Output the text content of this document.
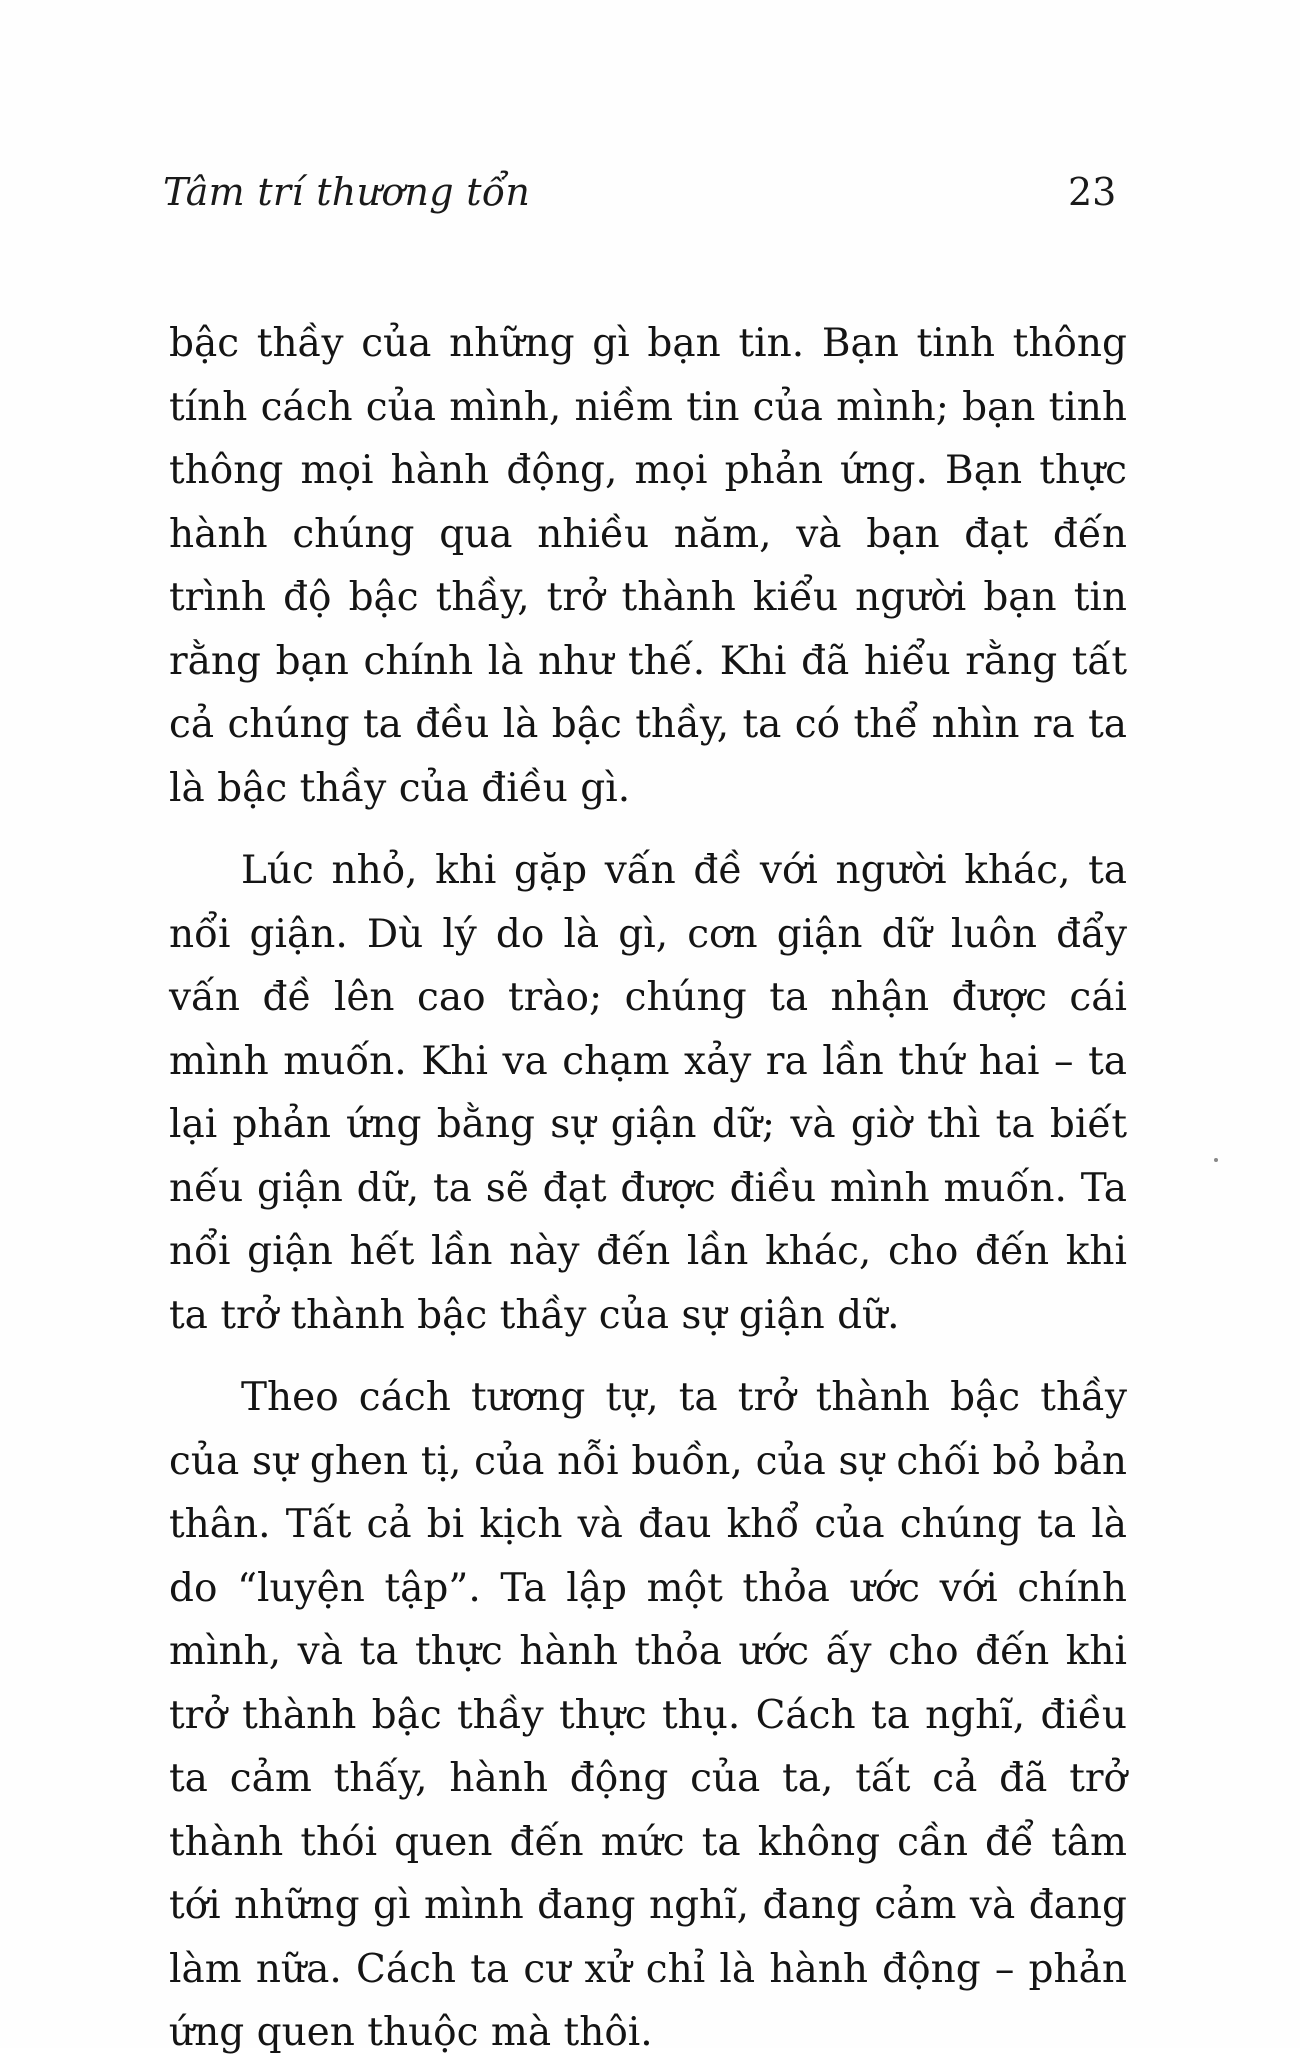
Tâm trí thương tổn	23

bậc thầy của những gì bạn tin. Bạn tinh thông tính cách của mình, niềm tin của mình; bạn tinh thông mọi hành động, mọi phản ứng. Bạn thực hành chúng qua nhiều năm, và bạn đạt đến trình độ bậc thầy, trở thành kiểu người bạn tin rằng bạn chính là như thế. Khi đã hiểu rằng tất cả chúng ta đều là bậc thầy, ta có thể nhìn ra ta là bậc thầy của điều gì.

Lúc nhỏ, khi gặp vấn đề với người khác, ta nổi giận. Dù lý do là gì, cơn giận dữ luôn đẩy vấn đề lên cao trào; chúng ta nhận được cái mình muốn. Khi va chạm xảy ra lần thứ hai – ta lại phản ứng bằng sự giận dữ; và giờ thì ta biết nếu giận dữ, ta sẽ đạt được điều mình muốn. Ta nổi giận hết lần này đến lần khác, cho đến khi ta trở thành bậc thầy của sự giận dữ.

Theo cách tương tự, ta trở thành bậc thầy của sự ghen tị, của nỗi buồn, của sự chối bỏ bản thân. Tất cả bi kịch và đau khổ của chúng ta là do “luyện tập”. Ta lập một thỏa ước với chính mình, và ta thực hành thỏa ước ấy cho đến khi trở thành bậc thầy thực thụ. Cách ta nghĩ, điều ta cảm thấy, hành động của ta, tất cả đã trở thành thói quen đến mức ta không cần để tâm tới những gì mình đang nghĩ, đang cảm và đang làm nữa. Cách ta cư xử chỉ là hành động – phản ứng quen thuộc mà thôi.
